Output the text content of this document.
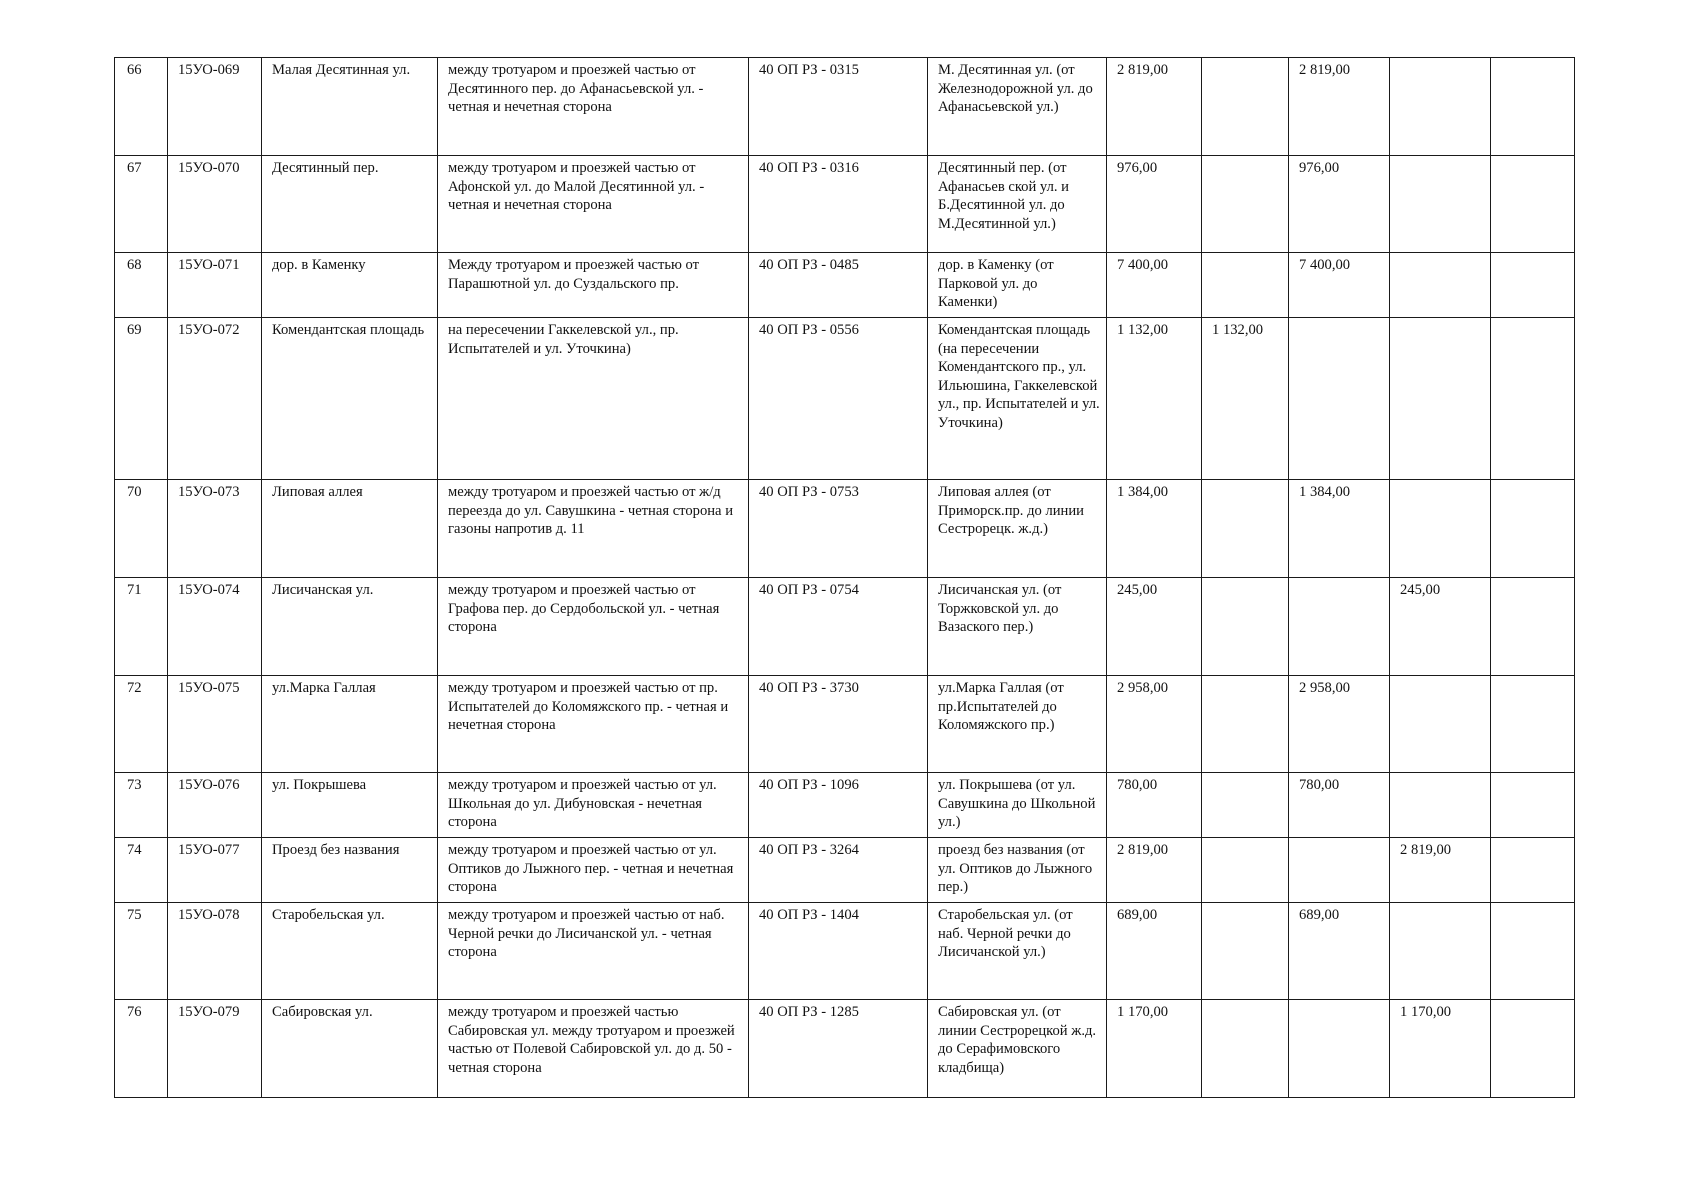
66	15УО-069	Малая Десятинная ул.	между тротуаром и проезжей частью от Десятинного пер. до Афанасьевской ул. - четная и нечетная сторона	40 ОП РЗ - 0315	М. Десятинная ул. (от Железнодорожной ул. до Афанасьевской ул.)	2 819,00		2 819,00		
67	15УО-070	Десятинный пер.	между тротуаром и проезжей частью от Афонской ул. до Малой Десятинной ул. - четная и нечетная сторона	40 ОП РЗ - 0316	Десятинный пер. (от Афанасьев ской ул. и Б.Десятинной ул. до М.Десятинной ул.)	976,00		976,00		
68	15УО-071	дор. в Каменку	Между тротуаром и проезжей частью от Парашютной ул. до Суздальского пр.	40 ОП РЗ - 0485	дор. в Каменку (от Парковой ул. до Каменки)	7 400,00		7 400,00		
69	15УО-072	Комендантская площадь	на пересечении Гаккелевской ул., пр. Испытателей и ул. Уточкина)	40 ОП РЗ - 0556	Комендантская площадь (на пересечении Комендантского пр., ул. Ильюшина, Гаккелевской ул., пр. Испытателей и ул. Уточкина)	1 132,00	1 132,00			
70	15УО-073	Липовая аллея	между тротуаром и проезжей частью от ж/д переезда до ул. Савушкина - четная сторона и газоны напротив д. 11	40 ОП РЗ - 0753	Липовая аллея (от Приморск.пр. до линии Сестрорецк. ж.д.)	1 384,00		1 384,00		
71	15УО-074	Лисичанская ул.	между тротуаром и проезжей частью от Графова пер. до Сердобольской ул. - четная сторона	40 ОП РЗ - 0754	Лисичанская ул. (от Торжковской ул. до Вазаского пер.)	245,00			245,00	
72	15УО-075	ул.Марка Галлая	между тротуаром и проезжей частью от пр. Испытателей до Коломяжского пр. - четная и нечетная сторона	40 ОП РЗ - 3730	ул.Марка Галлая (от пр.Испытателей до Коломяжского пр.)	2 958,00		2 958,00		
73	15УО-076	ул. Покрышева	между тротуаром и проезжей частью от ул. Школьная до ул. Дибуновская - нечетная сторона	40 ОП РЗ - 1096	ул. Покрышева (от ул. Савушкина до Школьной ул.)	780,00		780,00		
74	15УО-077	Проезд без названия	между тротуаром и проезжей частью от ул. Оптиков до Лыжного пер. - четная и нечетная сторона	40 ОП РЗ - 3264	проезд без названия (от ул. Оптиков до Лыжного пер.)	2 819,00			2 819,00	
75	15УО-078	Старобельская ул.	между тротуаром и проезжей частью от наб. Черной речки до Лисичанской ул. - четная сторона	40 ОП РЗ - 1404	Старобельская ул. (от наб. Черной речки до Лисичанской ул.)	689,00		689,00		
76	15УО-079	Сабировская ул.	между тротуаром и проезжей частью Сабировская ул. между тротуаром и проезжей частью от Полевой Сабировской ул. до д. 50 - четная сторона	40 ОП РЗ - 1285	Сабировская ул. (от линии Сестрорецкой ж.д. до Серафимовского кладбища)	1 170,00			1 170,00	
